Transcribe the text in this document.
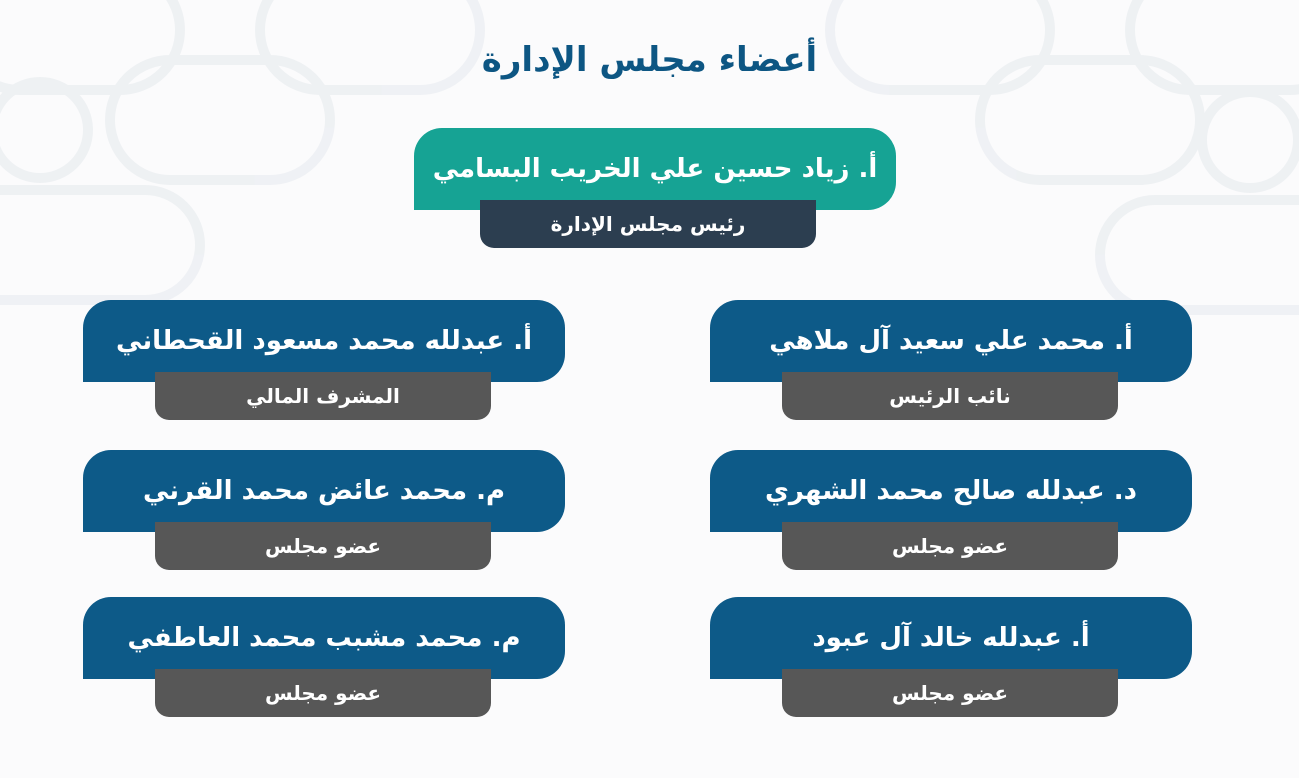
أعضاء مجلس الإدارة
أ. زياد حسين علي الخريب البسامي
رئيس مجلس الإدارة
أ. محمد علي سعيد آل ملاهي
نائب الرئيس
أ. عبدلله محمد مسعود القحطاني
المشرف المالي
د. عبدلله صالح محمد الشهري
عضو مجلس
م. محمد عائض محمد القرني
عضو مجلس
أ. عبدلله خالد آل عبود
عضو مجلس
م. محمد مشبب محمد العاطفي
عضو مجلس
